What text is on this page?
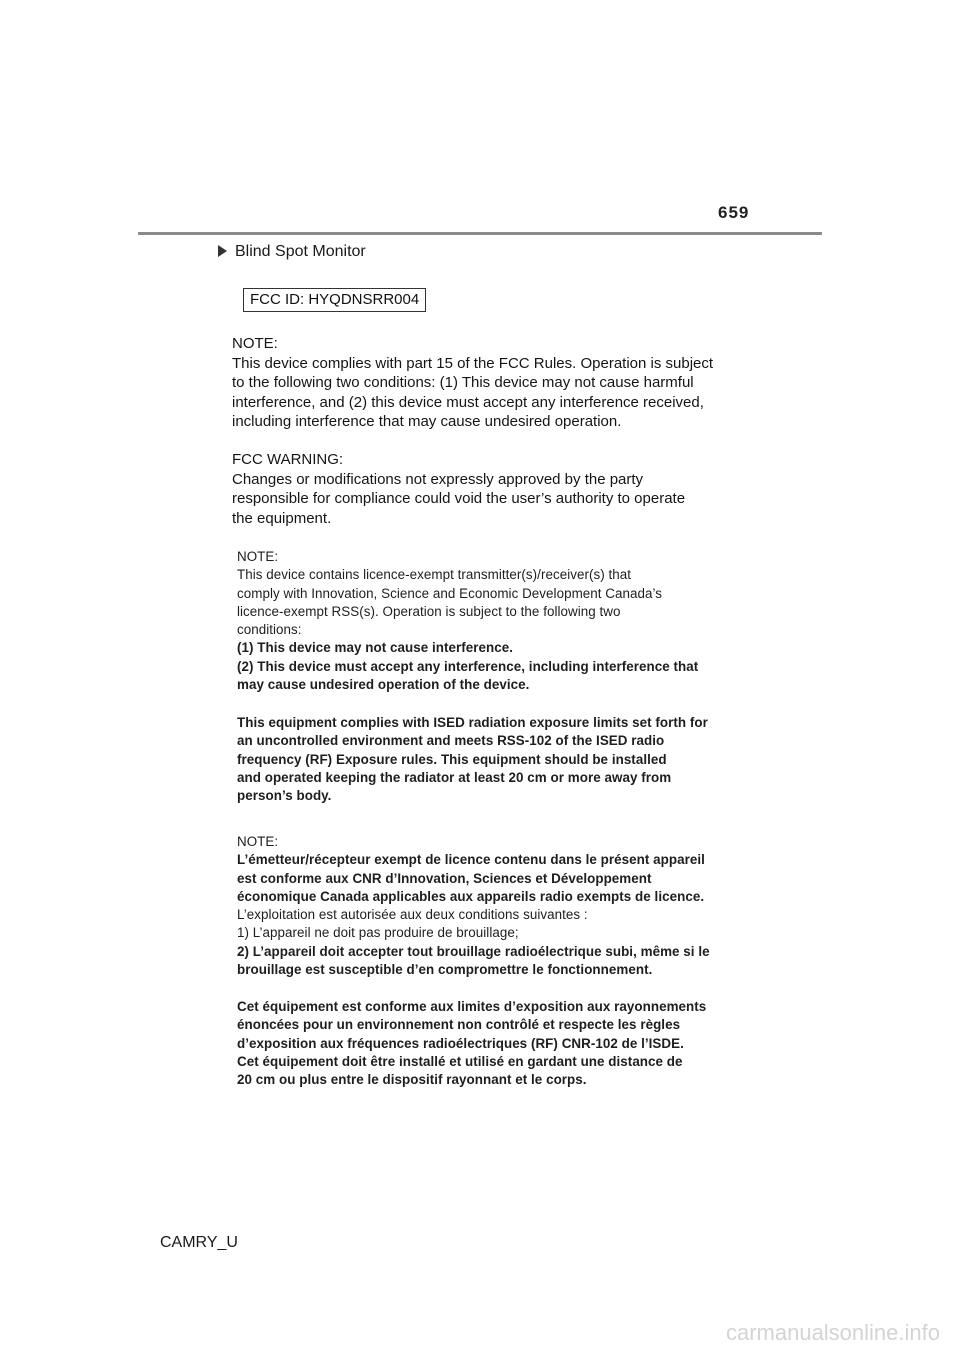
659
Blind Spot Monitor
FCC ID: HYQDNSRR004

NOTE:

This device complies with part 15 of the FCC Rules. Operation is subject

to the following two conditions: (1) This device may not cause harmful

interference, and (2) this device must accept any interference received,

including interference that may cause undesired operation.

FCC WARNING:

Changes or modifications not expressly approved by the party

responsible for compliance could void the user’s authority to operate

the equipment.

NOTE:

This device contains licence-exempt transmitter(s)/receiver(s) that

comply with Innovation, Science and Economic Development Canada’s

licence-exempt RSS(s). Operation is subject to the following two

conditions:

(1) This device may not cause interference.

(2) This device must accept any interference, including interference that

may cause undesired operation of the device.

This equipment complies with ISED radiation exposure limits set forth for

an uncontrolled environment and meets RSS-102 of the ISED radio

frequency (RF) Exposure rules. This equipment should be installed

and operated keeping the radiator at least 20 cm or more away from

person’s body.

NOTE:

L’émetteur/récepteur exempt de licence contenu dans le présent appareil

est conforme aux CNR d’Innovation, Sciences et Développement

économique Canada applicables aux appareils radio exempts de licence.

L’exploitation est autorisée aux deux conditions suivantes :

1) L’appareil ne doit pas produire de brouillage;

2) L’appareil doit accepter tout brouillage radioélectrique subi, même si le

brouillage est susceptible d’en compromettre le fonctionnement.

Cet équipement est conforme aux limites d’exposition aux rayonnements

énoncées pour un environnement non contrôlé et respecte les règles

d’exposition aux fréquences radioélectriques (RF) CNR-102 de l’ISDE.

Cet équipement doit être installé et utilisé en gardant une distance de

20 cm ou plus entre le dispositif rayonnant et le corps.

CAMRY_U
carmanualsonline.info
